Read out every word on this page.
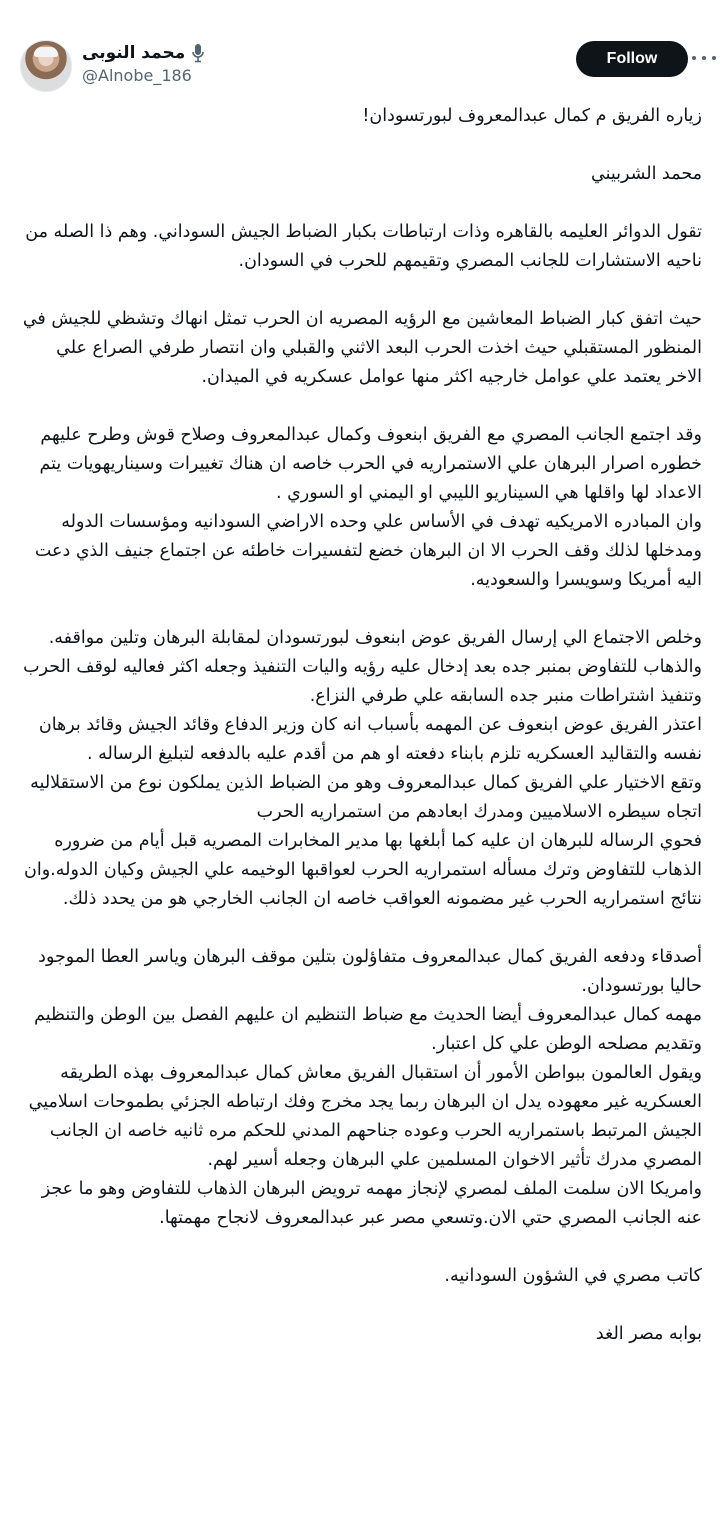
محمد النوبى
@Alnobe_186
Follow

زياره الفريق م كمال عبدالمعروف لبورتسودان!

محمد الشربيني

تقول الدوائر العليمه بالقاهره وذات ارتباطات بكبار الضباط الجيش السوداني. وهم ذا الصله من ناحيه الاستشارات للجانب المصري وتقيمهم للحرب في السودان.

حيث اتفق كبار الضباط المعاشين مع الرؤيه المصريه ان الحرب تمثل انهاك وتشظي للجيش في المنظور المستقبلي حيث اخذت الحرب البعد الاثني والقبلي وان انتصار طرفي الصراع علي الاخر يعتمد علي عوامل خارجيه اكثر منها عوامل عسكريه في الميدان.

وقد اجتمع الجانب المصري مع الفريق ابنعوف وكمال عبدالمعروف وصلاح قوش وطرح عليهم خطوره اصرار البرهان علي الاستمراريه في الحرب خاصه ان هناك تغييرات وسيناريهويات يتم الاعداد لها واقلها هي السيناريو الليبي او اليمني او السوري .
وان المبادره الامريكيه تهدف في الأساس علي وحده الاراضي السودانيه ومؤسسات الدوله ومدخلها لذلك وقف الحرب الا ان البرهان خضع لتفسيرات خاطئه عن اجتماع جنيف الذي دعت اليه أمريكا وسويسرا والسعوديه.

وخلص الاجتماع الي إرسال الفريق عوض ابنعوف لبورتسودان لمقابلة البرهان وتلين مواقفه. والذهاب للتفاوض بمنبر جده بعد إدخال عليه رؤيه واليات التنفيذ وجعله اكثر فعاليه لوقف الحرب وتنفيذ اشتراطات منبر جده السابقه علي طرفي النزاع.
اعتذر الفريق عوض ابنعوف عن المهمه بأسباب انه كان وزير الدفاع وقائد الجيش وقائد برهان نفسه والتقاليد العسكريه تلزم بابناء دفعته او هم من أقدم عليه بالدفعه لتبليغ الرساله .
وتقع الاختيار علي الفريق كمال عبدالمعروف وهو من الضباط الذين يملكون نوع من الاستقلاليه اتجاه سيطره الاسلاميين ومدرك ابعادهم من استمراريه الحرب
فحوي الرساله للبرهان ان عليه كما أبلغها بها مدير المخابرات المصريه قبل أيام من ضروره الذهاب للتفاوض وترك مسأله استمراريه الحرب لعواقبها الوخيمه علي الجيش وكيان الدوله.وان نتائج استمراريه الحرب غير مضمونه العواقب خاصه ان الجانب الخارجي هو من يحدد ذلك.

أصدقاء ودفعه الفريق كمال عبدالمعروف متفاؤلون بتلين موقف البرهان وياسر العطا الموجود حاليا بورتسودان.
مهمه كمال عبدالمعروف أيضا الحديث مع ضباط التنظيم ان عليهم الفصل بين الوطن والتنظيم وتقديم مصلحه الوطن علي كل اعتبار.
ويقول العالمون ببواطن الأمور أن استقبال الفريق معاش كمال عبدالمعروف بهذه الطريقه العسكريه غير معهوده يدل ان البرهان ربما يجد مخرج وفك ارتباطه الجزئي بطموحات اسلاميي الجيش المرتبط باستمراريه الحرب وعوده جناحهم المدني للحكم مره ثانيه خاصه ان الجانب المصري مدرك تأثير الاخوان المسلمين علي البرهان وجعله أسير لهم.
وامريكا الان سلمت الملف لمصري لإنجاز مهمه ترويض البرهان الذهاب للتفاوض وهو ما عجز عنه الجانب المصري حتي الان.وتسعي مصر عبر عبدالمعروف لانجاح مهمتها.

كاتب مصري في الشؤون السودانيه.

بوابه مصر الغد
